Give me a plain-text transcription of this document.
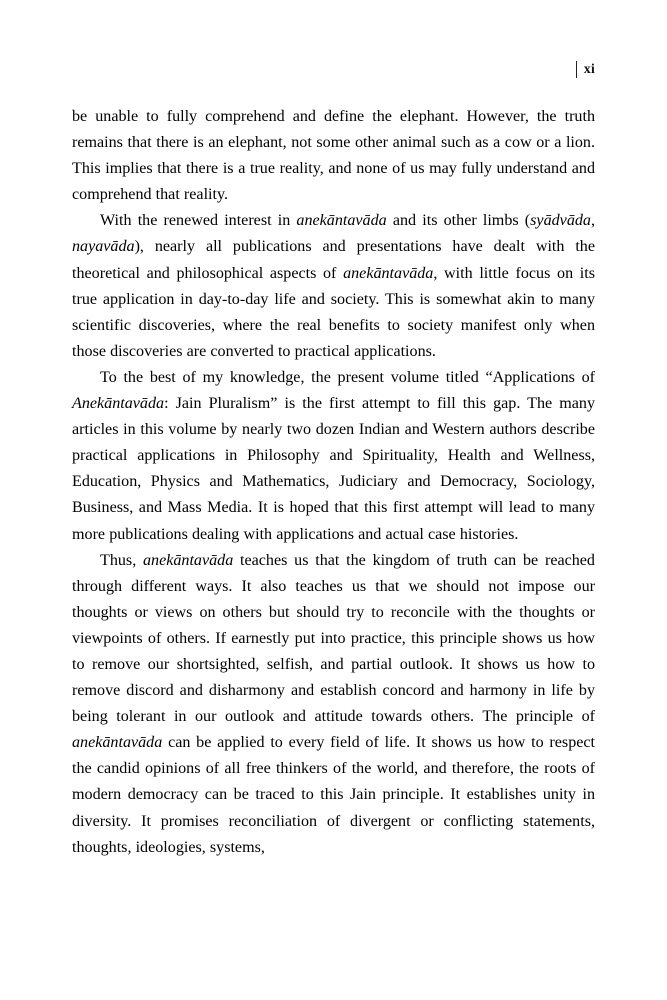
xi

be unable to fully comprehend and define the elephant. However, the truth remains that there is an elephant, not some other animal such as a cow or a lion. This implies that there is a true reality, and none of us may fully understand and comprehend that reality.

With the renewed interest in anekāntavāda and its other limbs (syādvāda, nayavāda), nearly all publications and presentations have dealt with the theoretical and philosophical aspects of anekāntavāda, with little focus on its true application in day-to-day life and society. This is somewhat akin to many scientific discoveries, where the real benefits to society manifest only when those discoveries are converted to practical applications.

To the best of my knowledge, the present volume titled “Applications of Anekāntavāda: Jain Pluralism” is the first attempt to fill this gap. The many articles in this volume by nearly two dozen Indian and Western authors describe practical applications in Philosophy and Spirituality, Health and Wellness, Education, Physics and Mathematics, Judiciary and Democracy, Sociology, Business, and Mass Media. It is hoped that this first attempt will lead to many more publications dealing with applications and actual case histories.

Thus, anekāntavāda teaches us that the kingdom of truth can be reached through different ways. It also teaches us that we should not impose our thoughts or views on others but should try to reconcile with the thoughts or viewpoints of others. If earnestly put into practice, this principle shows us how to remove our shortsighted, selfish, and partial outlook. It shows us how to remove discord and disharmony and establish concord and harmony in life by being tolerant in our outlook and attitude towards others. The principle of anekāntavāda can be applied to every field of life. It shows us how to respect the candid opinions of all free thinkers of the world, and therefore, the roots of modern democracy can be traced to this Jain principle. It establishes unity in diversity. It promises reconciliation of divergent or conflicting statements, thoughts, ideologies, systems,
